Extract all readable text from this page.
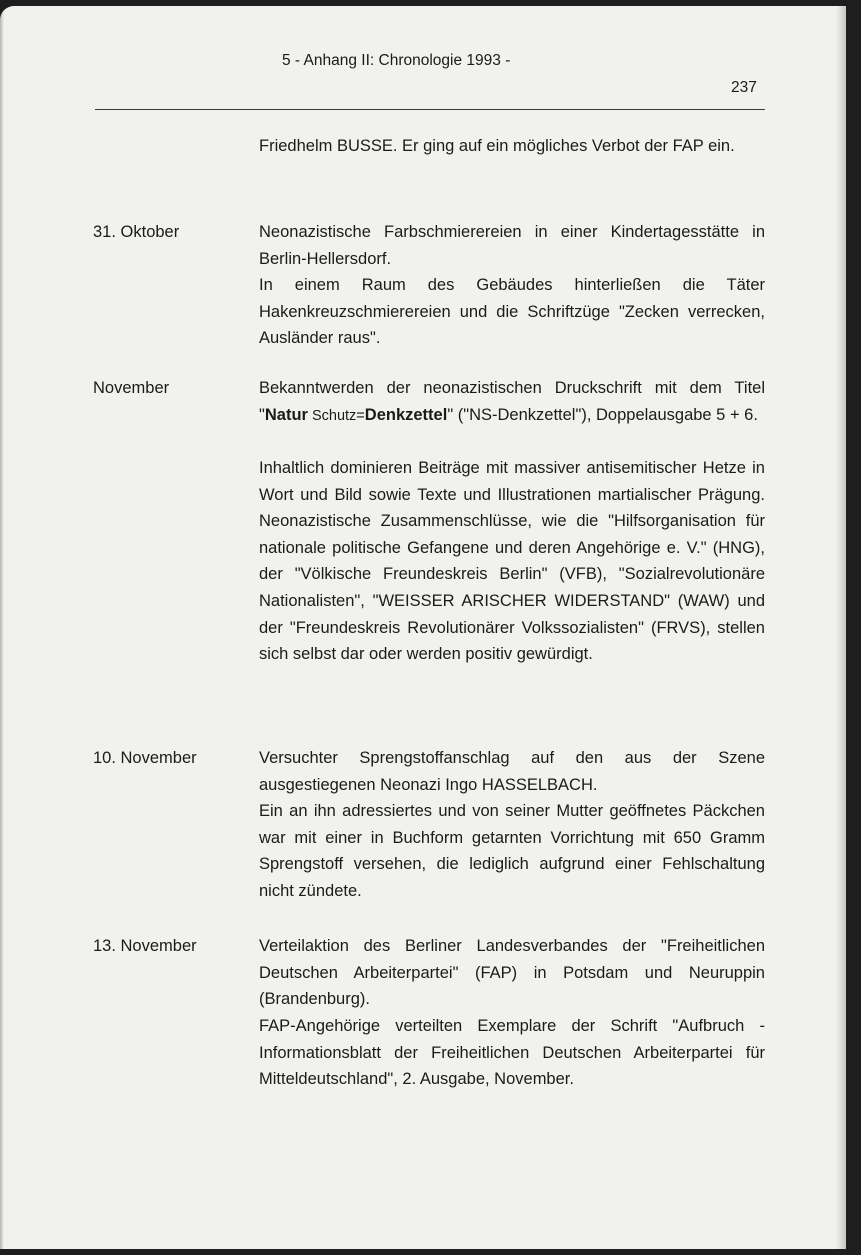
5 - Anhang II: Chronologie 1993 -
237

Friedhelm BUSSE. Er ging auf ein mögliches Verbot der FAP ein.

31. Oktober	Neonazistische Farbschmierereien in einer Kindertagesstätte in Berlin-Hellersdorf.

In einem Raum des Gebäudes hinterließen die Täter Hakenkreuzschmierereien und die Schriftzüge "Zecken verrecken, Ausländer raus".

November	Bekanntwerden der neonazistischen Druckschrift mit dem Titel "Natur Schutz=Denkzettel" ("NS-Denkzettel"), Doppelausgabe 5 + 6.

Inhaltlich dominieren Beiträge mit massiver antisemitischer Hetze in Wort und Bild sowie Texte und Illustrationen martialischer Prägung. Neonazistische Zusammenschlüsse, wie die "Hilfsorganisation für nationale politische Gefangene und deren Angehörige e. V." (HNG), der "Völkische Freundeskreis Berlin" (VFB), "Sozialrevolutionäre Nationalisten", "WEISSER ARISCHER WIDERSTAND" (WAW) und der "Freundeskreis Revolutionärer Volkssozialisten" (FRVS), stellen sich selbst dar oder werden positiv gewürdigt.

10. November	Versuchter Sprengstoffanschlag auf den aus der Szene ausgestiegenen Neonazi Ingo HASSELBACH.

Ein an ihn adressiertes und von seiner Mutter geöffnetes Päckchen war mit einer in Buchform getarnten Vorrichtung mit 650 Gramm Sprengstoff versehen, die lediglich aufgrund einer Fehlschaltung nicht zündete.

13. November	Verteilaktion des Berliner Landesverbandes der "Freiheitlichen Deutschen Arbeiterpartei" (FAP) in Potsdam und Neuruppin (Brandenburg).

FAP-Angehörige verteilten Exemplare der Schrift "Aufbruch - Informationsblatt der Freiheitlichen Deutschen Arbeiterpartei für Mitteldeutschland", 2. Ausgabe, November.
